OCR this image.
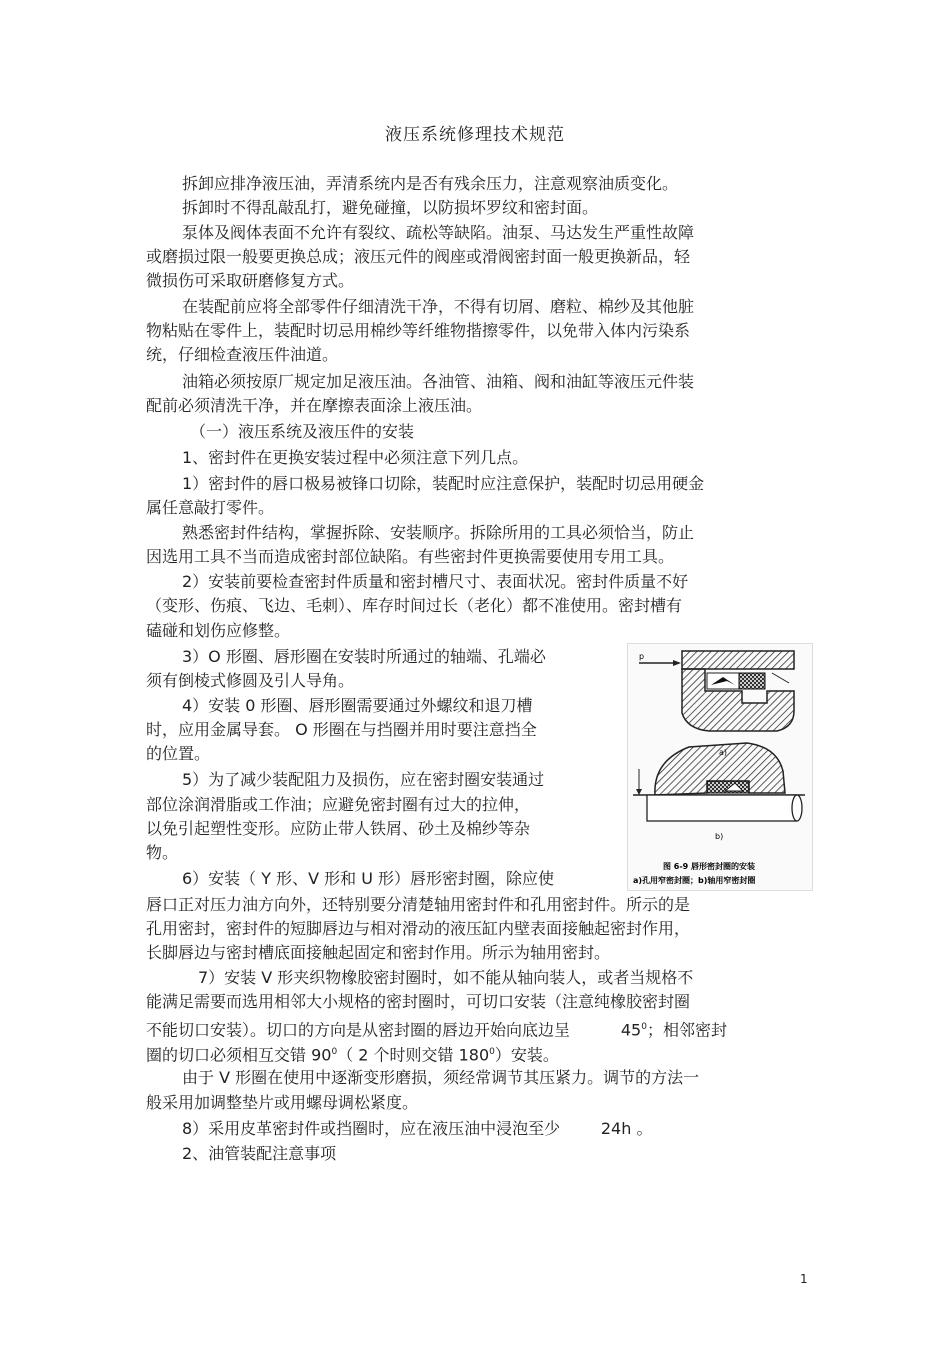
液压系统修理技术规范
拆卸应排净液压油，弄清系统内是否有残余压力，注意观察油质变化。
拆卸时不得乱敲乱打，避免碰撞，以防损坏罗纹和密封面。
泵体及阀体表面不允许有裂纹、疏松等缺陷。油泵、马达发生严重性故障
或磨损过限一般要更换总成；液压元件的阀座或滑阀密封面一般更换新品，轻
微损伤可采取研磨修复方式。
在装配前应将全部零件仔细清洗干净，不得有切屑、磨粒、棉纱及其他脏
物粘贴在零件上，装配时切忌用棉纱等纤维物揩擦零件，以免带入体内污染系
统，仔细检查液压件油道。
油箱必须按原厂规定加足液压油。各油管、油箱、阀和油缸等液压元件装
配前必须清洗干净，并在摩擦表面涂上液压油。
（一）液压系统及液压件的安装
1、密封件在更换安装过程中必须注意下列几点。
1）密封件的唇口极易被锋口切除，装配时应注意保护，装配时切忌用硬金
属任意敲打零件。
熟悉密封件结构，掌握拆除、安装顺序。拆除所用的工具必须恰当，防止
因选用工具不当而造成密封部位缺陷。有些密封件更换需要使用专用工具。
2）安装前要检查密封件质量和密封槽尺寸、表面状况。密封件质量不好
（变形、伤痕、飞边、毛刺）、库存时间过长（老化）都不准使用。密封槽有
磕碰和划伤应修整。
3）O 形圈、唇形圈在安装时所通过的轴端、孔端必
须有倒棱式修圆及引人导角。
4）安装 0 形圈、唇形圈需要通过外螺纹和退刀槽
时，应用金属导套。 O 形圈在与挡圈并用时要注意挡全
的位置。
5）为了减少装配阻力及损伤，应在密封圈安装通过
部位涂润滑脂或工作油；应避免密封圈有过大的拉伸，
以免引起塑性变形。应防止带人铁屑、砂土及棉纱等杂
物。
6）安装（ Y 形、V 形和 U 形）唇形密封圈，除应使
唇口正对压力油方向外，还特别要分清楚轴用密封件和孔用密封件。所示的是
孔用密封，密封件的短脚唇边与相对滑动的液压缸内壁表面接触起密封作用，
长脚唇边与密封槽底面接触起固定和密封作用。所示为轴用密封。
7）安装 V 形夹织物橡胶密封圈时，如不能从轴向装人，或者当规格不
能满足需要而选用相邻大小规格的密封圈时，可切口安装（注意纯橡胶密封圈
不能切口安装）。切口的方向是从密封圈的唇边开始向底边呈	$45^0$；相邻密封
圈的切口必须相互交错 $90^0$（ 2 个时则交错 $180^0$）安装。
由于 V 形圈在使用中逐渐变形磨损，须经常调节其压紧力。调节的方法一
般采用加调整垫片或用螺母调松紧度。
8）采用皮革密封件或挡圈时，应在液压油中浸泡至少	24h 。
2、油管装配注意事项
p
b)
图 6-9 唇形密封圈的安装
a)孔用窄密封圈；b)轴用窄密封圈
1
